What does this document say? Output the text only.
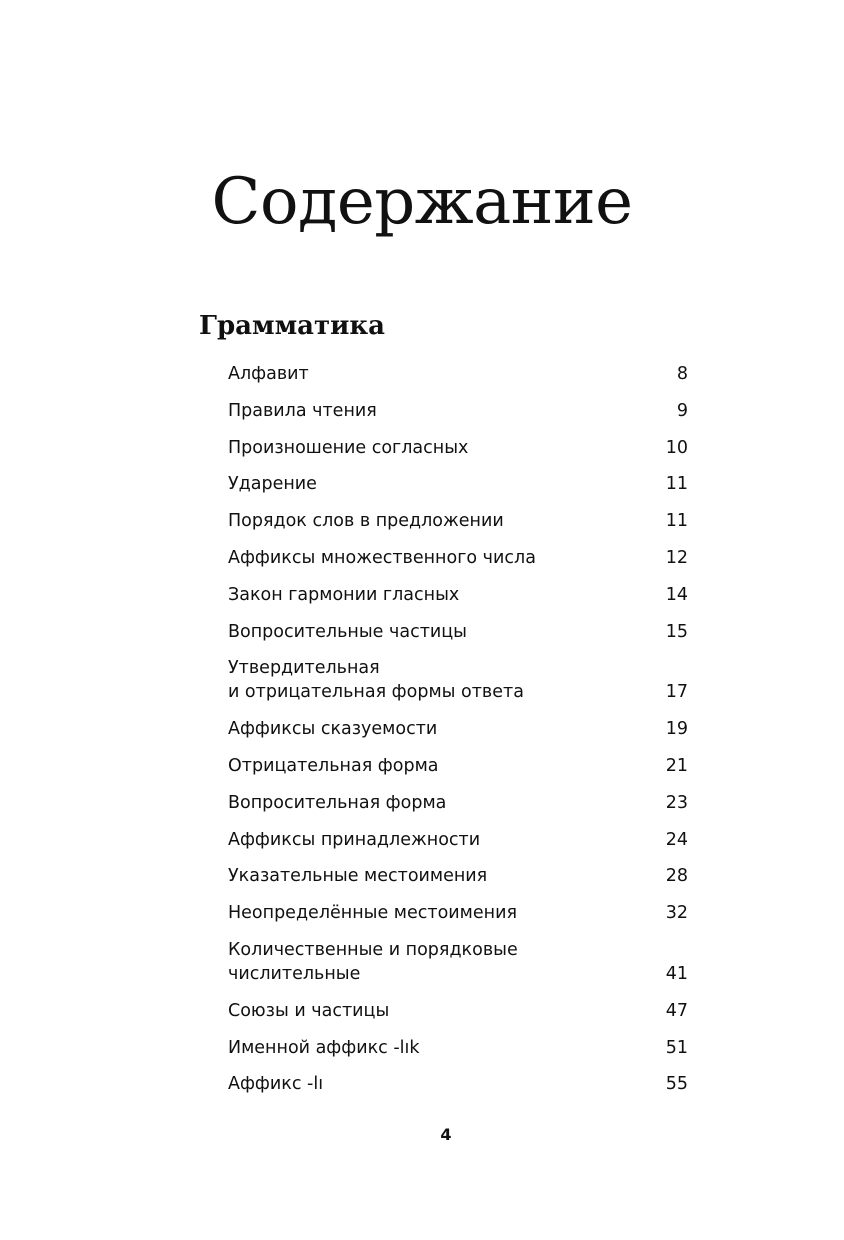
Содержание
Грамматика
Алфавит	8
Правила чтения	9
Произношение согласных	10
Ударение	11
Порядок слов в предложении	11
Аффиксы множественного числа	12
Закон гармонии гласных	14
Вопросительные частицы	15
Утвердительная
и отрицательная формы ответа	17
Аффиксы сказуемости	19
Отрицательная форма	21
Вопросительная форма	23
Аффиксы принадлежности	24
Указательные местоимения	28
Неопределённые местоимения	32
Количественные и порядковые
числительные	41
Союзы и частицы	47
Именной аффикс -lık	51
Аффикс -lı	55
4
